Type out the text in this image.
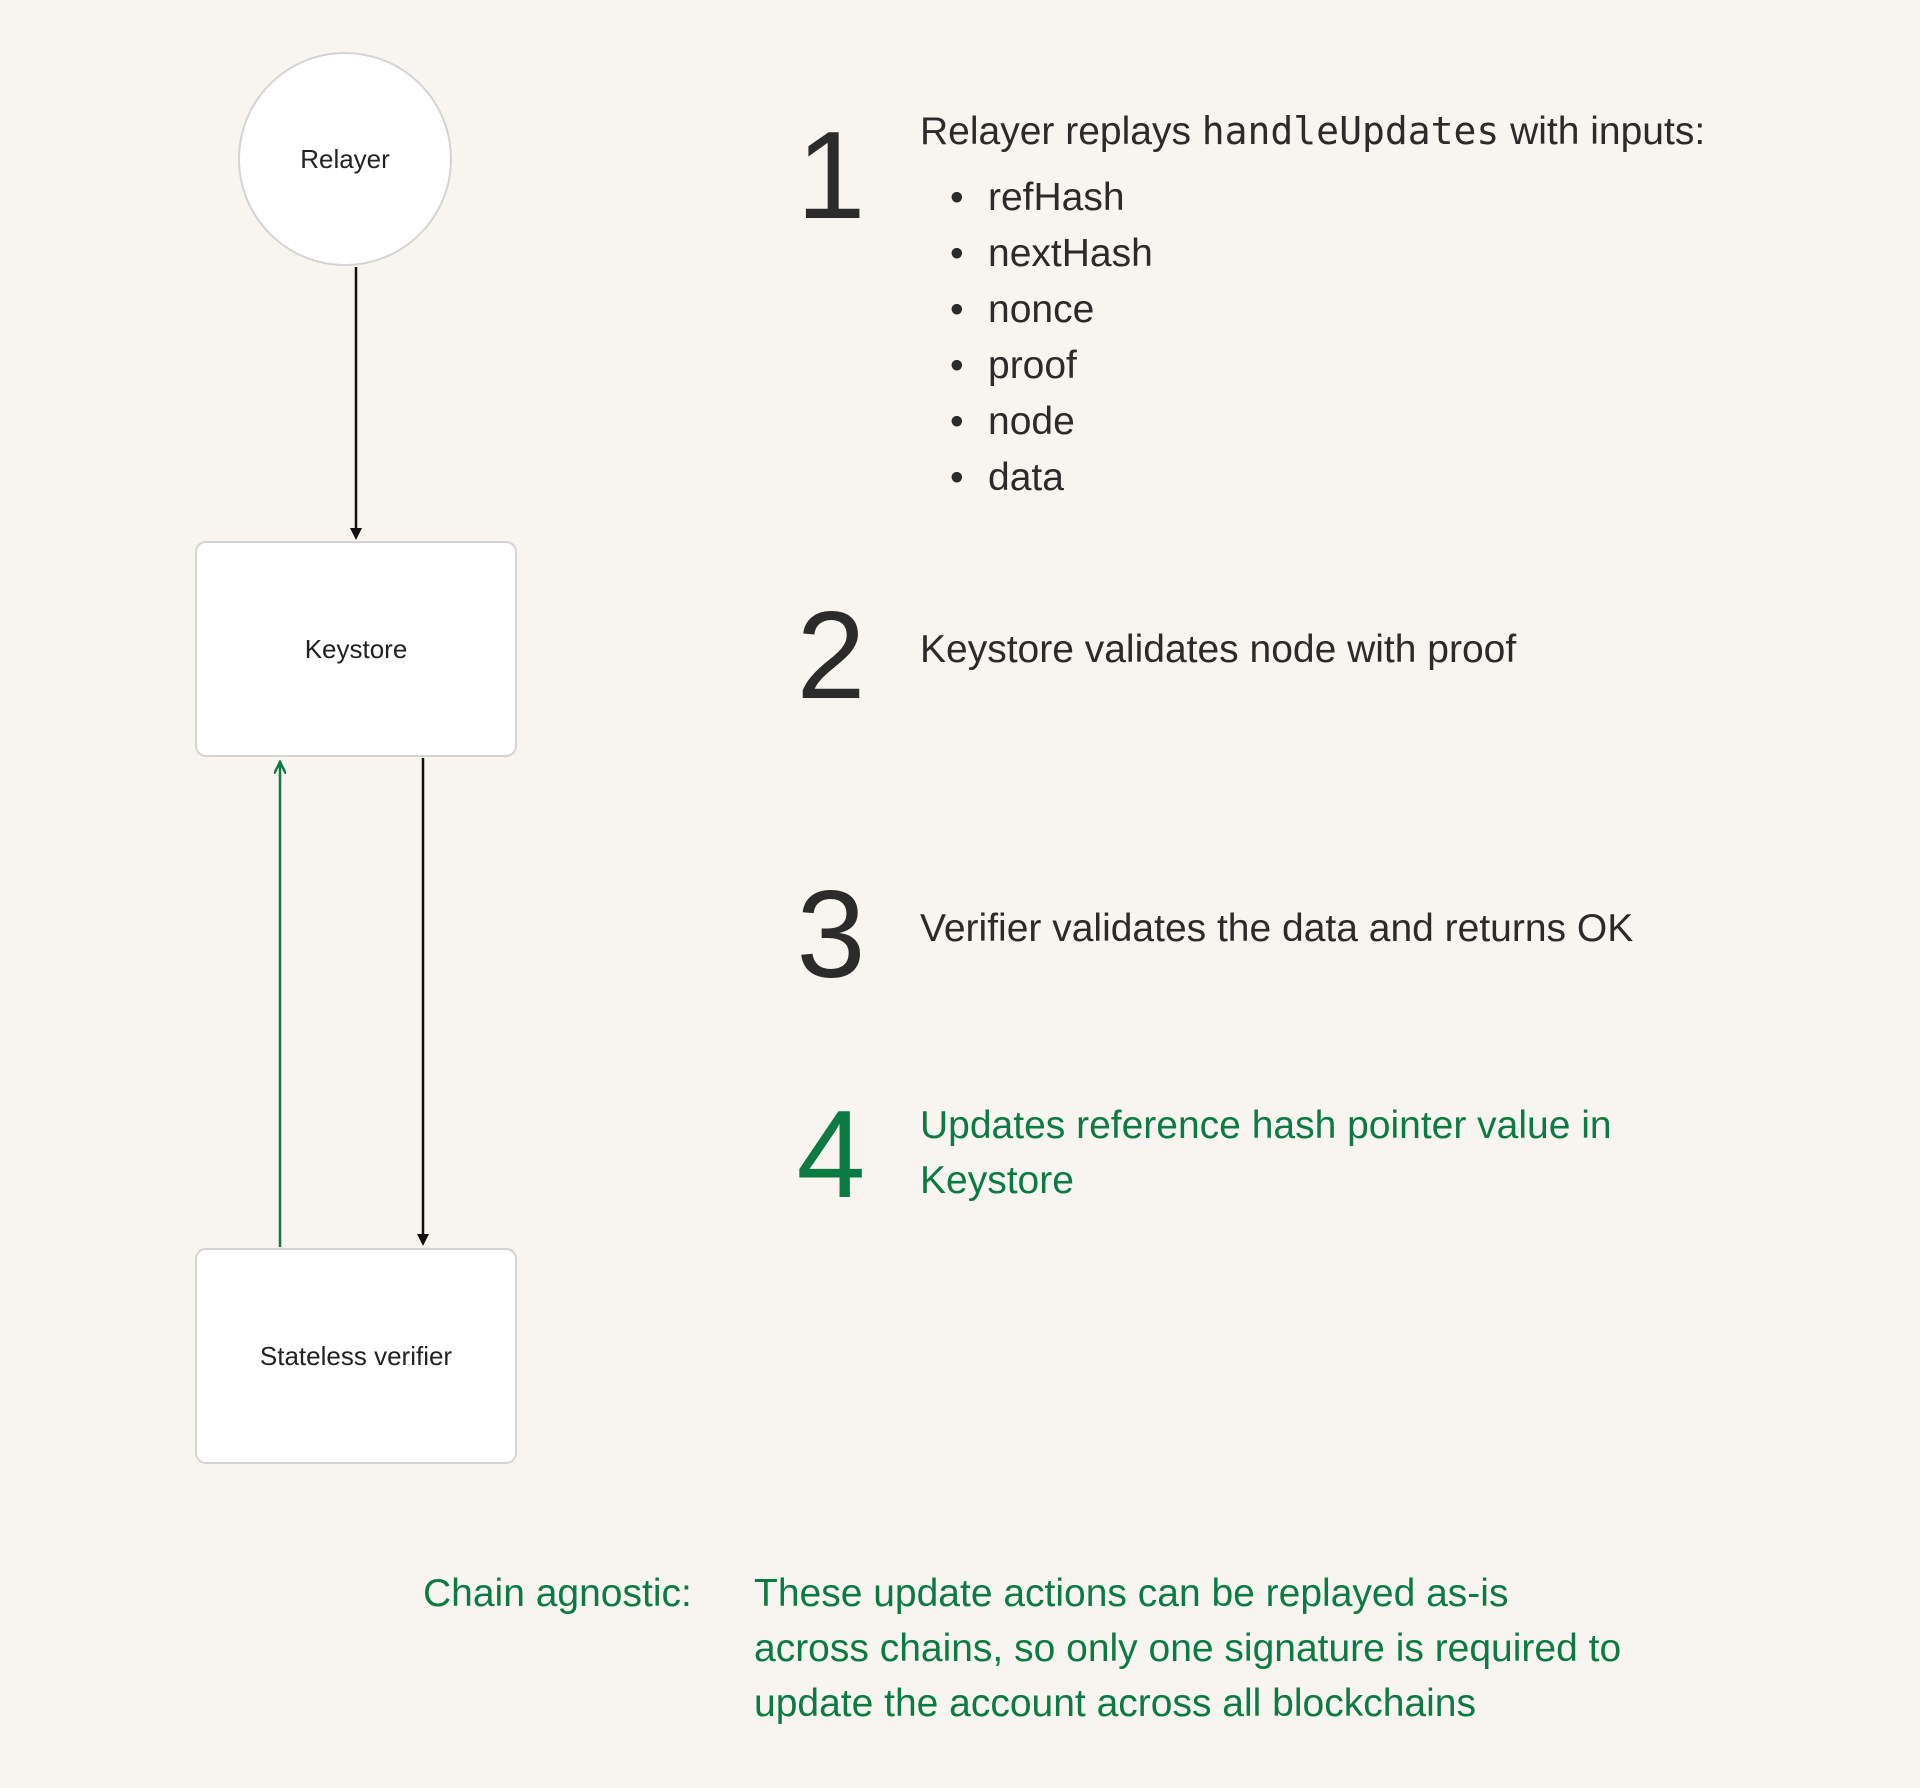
Relayer
Keystore
Stateless verifier
1	Relayer replays handleUpdates with inputs:
• refHash
• nextHash
• nonce
• proof
• node
• data
2	Keystore validates node with proof
3	Verifier validates the data and returns OK
4	Updates reference hash pointer value in
Keystore
Chain agnostic: These update actions can be replayed as-is
across chains, so only one signature is required to
update the account across all blockchains
